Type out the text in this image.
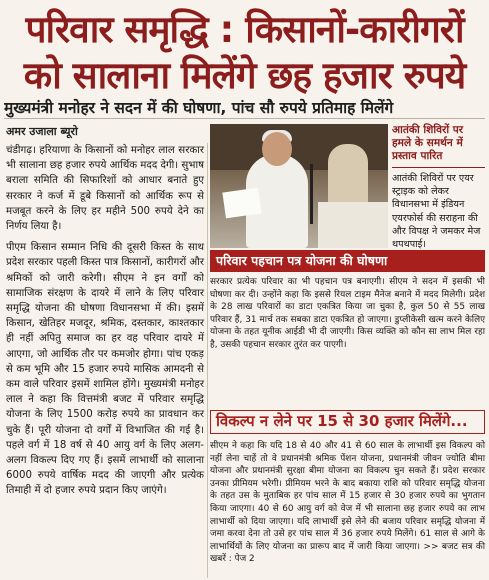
परिवार समृद्धि : किसानों-कारीगरों
को सालाना मिलेंगे छह हजार रुपये
मुख्यमंत्री मनोहर ने सदन में की घोषणा, पांच सौ रुपये प्रतिमाह मिलेंगे
अमर उजाला ब्यूरो

चंडीगढ़। हरियाणा के किसानों को मनोहर लाल सरकार भी सालाना छह हजार रुपये आर्थिक मदद देगी। सुभाष बराला समिति की सिफारिशों को आधार बनाते हुए सरकार ने कर्ज में डूबे किसानों को आर्थिक रूप से मजबूत करने के लिए हर महीने 500 रुपये देने का निर्णय लिया है।

पीएम किसान सम्मान निधि की दूसरी किस्त के साथ प्रदेश सरकार पहली किस्त पात्र किसानों, कारीगरों और श्रमिकों को जारी करेगी। सीएम ने इन वर्गों को सामाजिक संरक्षण के दायरे में लाने के लिए परिवार समृद्धि योजना की घोषणा विधानसभा में की। इसमें किसान, खेतिहर मजदूर, श्रमिक, दस्तकार, काश्तकार ही नहीं अपितु समाज का हर वह परिवार दायरे में आएगा, जो आर्थिक तौर पर कमजोर होगा। पांच एकड़ से कम भूमि और 15 हजार रुपये मासिक आमदनी से कम वाले परिवार इसमें शामिल होंगे। मुख्यमंत्री मनोहर लाल ने कहा कि वित्तमंत्री बजट में परिवार समृद्धि योजना के लिए 1500 करोड़ रुपये का प्रावधान कर चुके हैं। पूरी योजना दो वर्गों में विभाजित की गई है। पहले वर्ग में 18 वर्ष से 40 आयु वर्ग के लिए अलग-अलग विकल्प दिए गए हैं। इसमें लाभार्थी को सालाना 6000 रुपये वार्षिक मदद की जाएगी और प्रत्येक तिमाही में दो हजार रुपये प्रदान किए जाएंगे।

आतंकी शिविरों पर हमले के समर्थन में प्रस्ताव पारित
आतंकी शिविरों पर एयर स्ट्राइक को लेकर विधानसभा में इंडियन एयरफोर्स की सराहना की और विपक्ष ने जमकर मेज थपथपाई।
परिवार पहचान पत्र योजना की घोषणा
सरकार प्रत्येक परिवार का भी पहचान पत्र बनाएगी। सीएम ने सदन में इसकी भी घोषणा कर दी। उन्होंने कहा कि इससे रियल टाइम मैनेज बनाने में मदद मिलेगी। प्रदेश के 28 लाख परिवारों का डाटा एकत्रित किया जा चुका है, कुल 50 से 55 लाख परिवार हैं, 31 मार्च तक सबका डाटा एकत्रित हो जाएगा। डुप्लीकेसी खत्म करने केलिए योजना के तहत यूनीक आईडी भी दी जाएगी। किस व्यक्ति को कौन सा लाभ मिल रहा है, उसकी पहचान सरकार तुरंत कर पाएगी।
विकल्प न लेने पर 15 से 30 हजार मिलेंगे...
सीएम ने कहा कि यदि 18 से 40 और 41 से 60 साल के लाभार्थी इस विकल्प को नहीं लेना चाहें तो वे प्रधानमंत्री श्रमिक पेंशन योजना, प्रधानमंत्री जीवन ज्योति बीमा योजना और प्रधानमंत्री सुरक्षा बीमा योजना का विकल्प चुन सकते हैं। प्रदेश सरकार उनका प्रीमियम भरेगी। प्रीमियम भरने के बाद बकाया राशि को परिवार समृद्धि योजना के तहत उस के मुताबिक हर पांच साल में 15 हजार से 30 हजार रुपये का भुगतान किया जाएगा। 40 से 60 आयु वर्ग को वेज में भी सालाना छह हजार रुपये का लाभ लाभार्थी को दिया जाएगा। यदि लाभार्थी इसे लेने की बजाय परिवार समृद्धि योजना में जमा करवा देना तो उसे हर पांच साल में 36 हजार रुपये मिलेंगे। 61 साल से आगे के लाभार्थियों के लिए योजना का प्रारूप बाद में जारी किया जाएगा। >> बजट सत्र की खबरें : पेज 2
